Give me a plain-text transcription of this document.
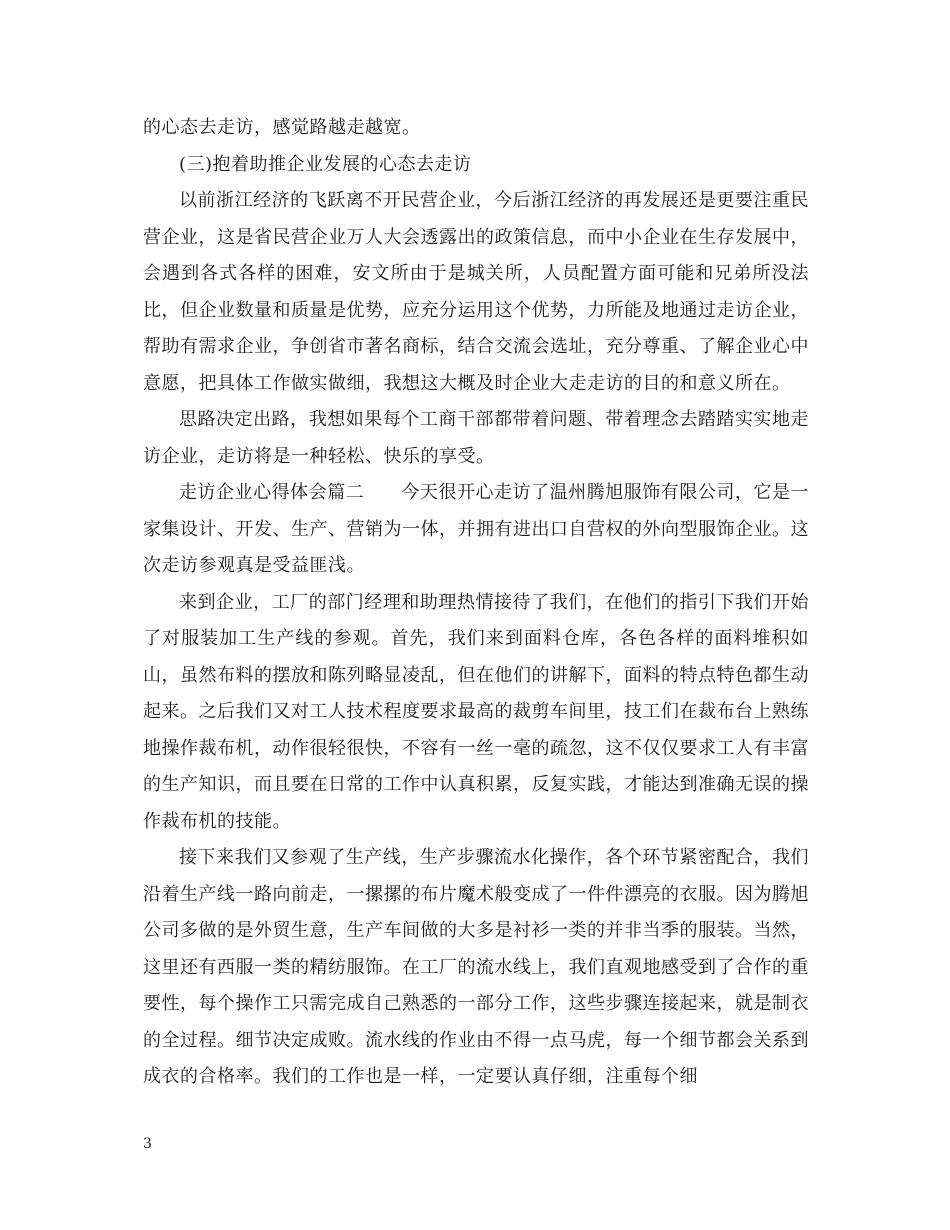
的心态去走访，感觉路越走越宽。

(三)抱着助推企业发展的心态去走访

以前浙江经济的飞跃离不开民营企业，今后浙江经济的再发展还是更要注重民营企业，这是省民营企业万人大会透露出的政策信息，而中小企业在生存发展中，会遇到各式各样的困难，安文所由于是城关所，人员配置方面可能和兄弟所没法比，但企业数量和质量是优势，应充分运用这个优势，力所能及地通过走访企业，帮助有需求企业，争创省市著名商标，结合交流会选址，充分尊重、了解企业心中意愿，把具体工作做实做细，我想这大概及时企业大走走访的目的和意义所在。

思路决定出路，我想如果每个工商干部都带着问题、带着理念去踏踏实实地走访企业，走访将是一种轻松、快乐的享受。

走访企业心得体会篇二　　今天很开心走访了温州腾旭服饰有限公司，它是一家集设计、开发、生产、营销为一体，并拥有进出口自营权的外向型服饰企业。这次走访参观真是受益匪浅。

来到企业，工厂的部门经理和助理热情接待了我们，在他们的指引下我们开始了对服装加工生产线的参观。首先，我们来到面料仓库，各色各样的面料堆积如山，虽然布料的摆放和陈列略显凌乱，但在他们的讲解下，面料的特点特色都生动起来。之后我们又对工人技术程度要求最高的裁剪车间里，技工们在裁布台上熟练地操作裁布机，动作很轻很快，不容有一丝一毫的疏忽，这不仅仅要求工人有丰富的生产知识，而且要在日常的工作中认真积累，反复实践，才能达到准确无误的操作裁布机的技能。

接下来我们又参观了生产线，生产步骤流水化操作，各个环节紧密配合，我们沿着生产线一路向前走，一摞摞的布片魔术般变成了一件件漂亮的衣服。因为腾旭公司多做的是外贸生意，生产车间做的大多是衬衫一类的并非当季的服装。当然，这里还有西服一类的精纺服饰。在工厂的流水线上，我们直观地感受到了合作的重要性，每个操作工只需完成自己熟悉的一部分工作，这些步骤连接起来，就是制衣的全过程。细节决定成败。流水线的作业由不得一点马虎，每一个细节都会关系到成衣的合格率。我们的工作也是一样，一定要认真仔细，注重每个细

3
